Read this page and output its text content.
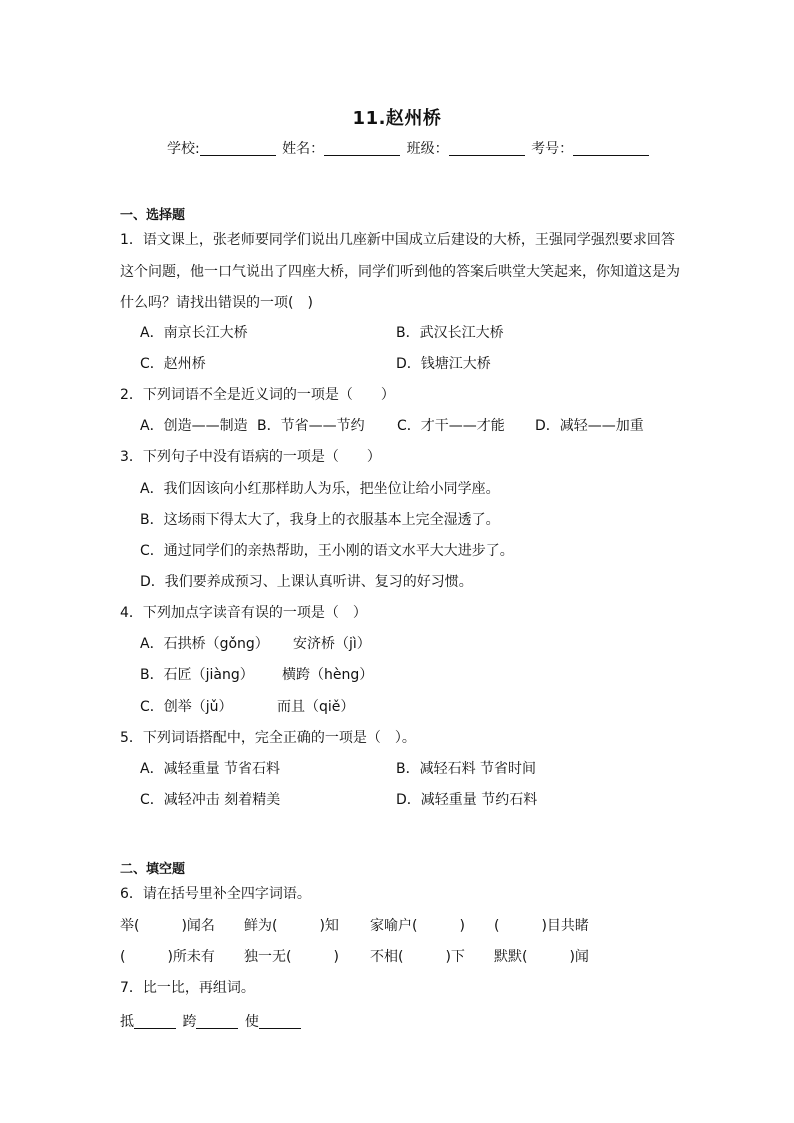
11.赵州桥
学校:	姓名：	班级：	考号：
一、选择题
1．语文课上，张老师要同学们说出几座新中国成立后建设的大桥，王强同学强烈要求回答
这个问题，他一口气说出了四座大桥，同学们听到他的答案后哄堂大笑起来，你知道这是为
什么吗？请找出错误的一项(　)
A．南京长江大桥	B．武汉长江大桥
C．赵州桥	D．钱塘江大桥
2．下列词语不全是近义词的一项是（　　）
A．创造——制造 B．节省——节约 C．才干——才能 D．减轻——加重
3．下列句子中没有语病的一项是（　　）
A．我们因该向小红那样助人为乐，把坐位让给小同学座。
B．这场雨下得太大了，我身上的衣服基本上完全湿透了。
C．通过同学们的亲热帮助，王小刚的语文水平大大进步了。
D．我们要养成预习、上课认真听讲、复习的好习惯。
4．下列加点字读音有误的一项是（　）
A．石拱桥（gǒng） 安济桥（jì）
B．石匠（jiàng） 横跨（hèng）
C．创举（jǔ）	而且（qiě）
5．下列词语搭配中，完全正确的一项是（　）。
A．减轻重量 节省石料	B．减轻石料 节省时间
C．减轻冲击 刻着精美	D．减轻重量 节约石料
二、填空题
6．请在括号里补全四字词语。
举(　　　)闻名 鲜为(　　　)知 家喻户(　　　) (　　　)目共睹
(　　　)所未有 独一无(　　　) 不相(　　　)下 默默(　　　)闻
7．比一比，再组词。
抵	跨	使
